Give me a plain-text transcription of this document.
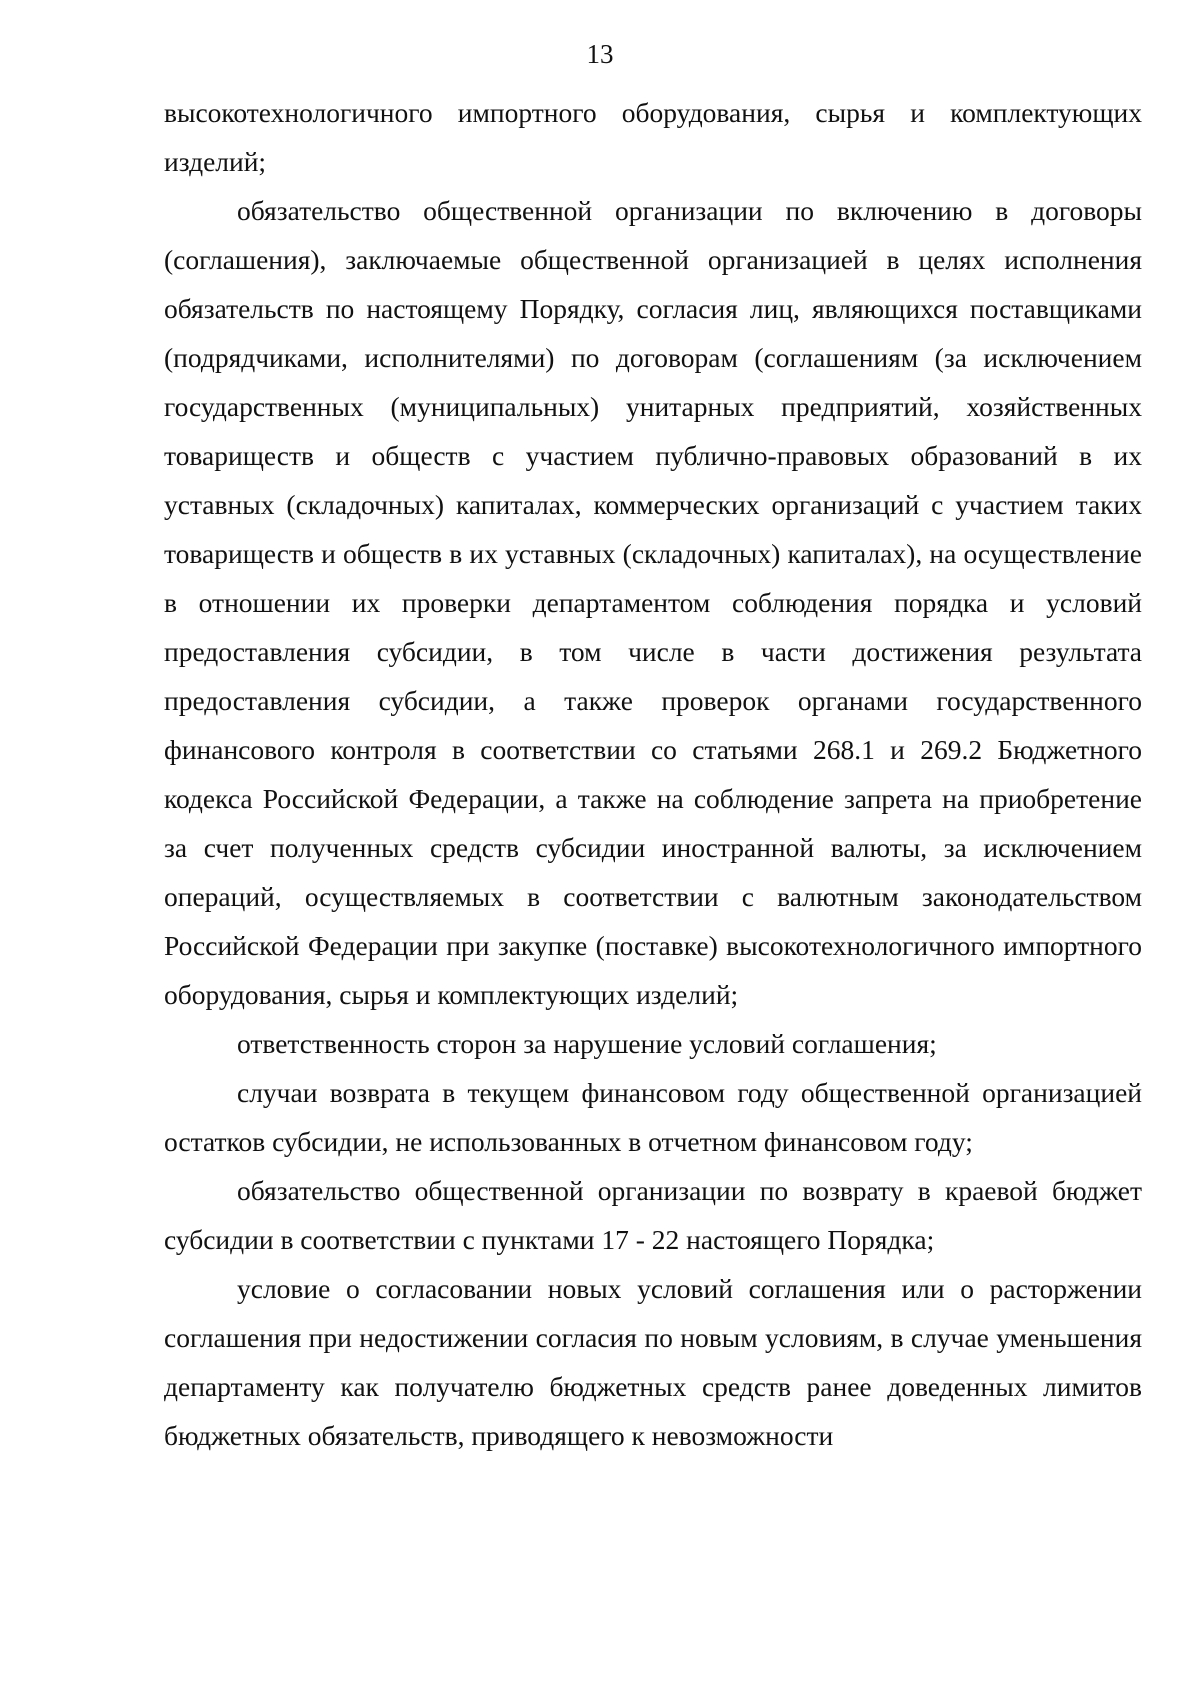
13

высокотехнологичного импортного оборудования, сырья и комплектующих изделий;

обязательство общественной организации по включению в договоры (соглашения), заключаемые общественной организацией в целях исполнения обязательств по настоящему Порядку, согласия лиц, являющихся поставщиками (подрядчиками, исполнителями) по договорам (соглашениям (за исключением государственных (муниципальных) унитарных предприятий, хозяйственных товариществ и обществ с участием публично-правовых образований в их уставных (складочных) капиталах, коммерческих организаций с участием таких товариществ и обществ в их уставных (складочных) капиталах), на осуществление в отношении их проверки департаментом соблюдения порядка и условий предоставления субсидии, в том числе в части достижения результата предоставления субсидии, а также проверок органами государственного финансового контроля в соответствии со статьями 268.1 и 269.2 Бюджетного кодекса Российской Федерации, а также на соблюдение запрета на приобретение за счет полученных средств субсидии иностранной валюты, за исключением операций, осуществляемых в соответствии с валютным законодательством Российской Федерации при закупке (поставке) высокотехнологичного импортного оборудования, сырья и комплектующих изделий;

ответственность сторон за нарушение условий соглашения;

случаи возврата в текущем финансовом году общественной организацией остатков субсидии, не использованных в отчетном финансовом году;

обязательство общественной организации по возврату в краевой бюджет субсидии в соответствии с пунктами 17 - 22 настоящего Порядка;

условие о согласовании новых условий соглашения или о расторжении соглашения при недостижении согласия по новым условиям, в случае уменьшения департаменту как получателю бюджетных средств ранее доведенных лимитов бюджетных обязательств, приводящего к невозможности
